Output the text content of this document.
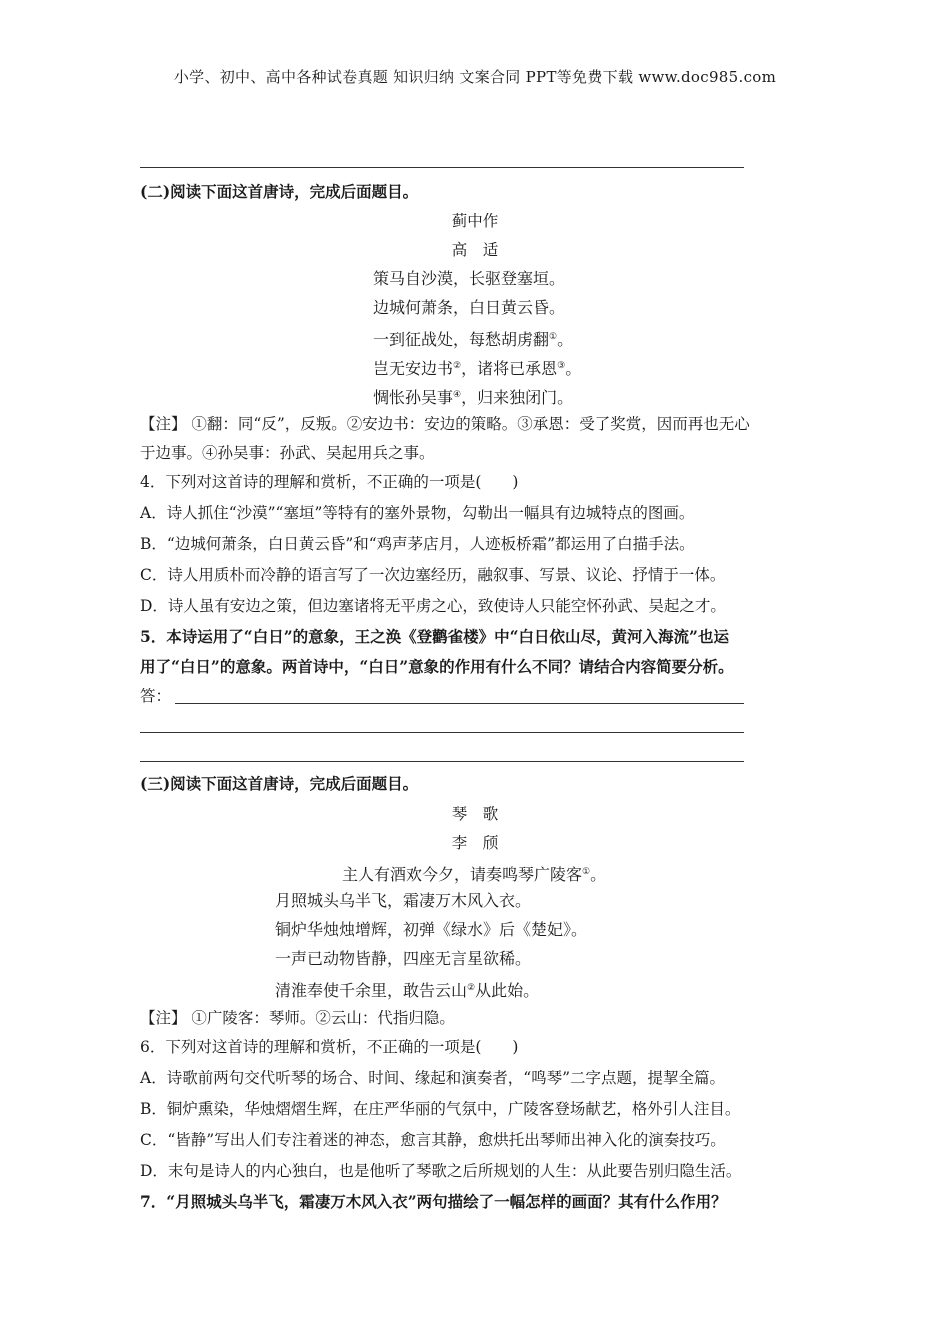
小学、初中、高中各种试卷真题 知识归纳 文案合同 PPT等免费下载 www.doc985.com
(二)阅读下面这首唐诗，完成后面题目。
蓟中作
高　适
策马自沙漠，长驱登塞垣。
边城何萧条，白日黄云昏。
一到征战处，每愁胡虏翻①。
岂无安边书②，诸将已承恩③。
惆怅孙吴事④，归来独闭门。
【注】 ①翻：同“反”，反叛。②安边书：安边的策略。③承恩：受了奖赏，因而再也无心
于边事。④孙吴事：孙武、吴起用兵之事。
4．下列对这首诗的理解和赏析，不正确的一项是(　　)
A．诗人抓住“沙漠”“塞垣”等特有的塞外景物，勾勒出一幅具有边城特点的图画。
B．“边城何萧条，白日黄云昏”和“鸡声茅店月，人迹板桥霜”都运用了白描手法。
C．诗人用质朴而冷静的语言写了一次边塞经历，融叙事、写景、议论、抒情于一体。
D．诗人虽有安边之策，但边塞诸将无平虏之心，致使诗人只能空怀孙武、吴起之才。
5．本诗运用了“白日”的意象，王之涣《登鹳雀楼》中“白日依山尽，黄河入海流”也运
用了“白日”的意象。两首诗中，“白日”意象的作用有什么不同？请结合内容简要分析。
答：
(三)阅读下面这首唐诗，完成后面题目。
琴　歌
李　颀
主人有酒欢今夕，请奏鸣琴广陵客①。
月照城头乌半飞，霜凄万木风入衣。
铜炉华烛烛增辉，初弹《绿水》后《楚妃》。
一声已动物皆静，四座无言星欲稀。
清淮奉使千余里，敢告云山②从此始。
【注】 ①广陵客：琴师。②云山：代指归隐。
6．下列对这首诗的理解和赏析，不正确的一项是(　　)
A．诗歌前两句交代听琴的场合、时间、缘起和演奏者，“鸣琴”二字点题，提挈全篇。
B．铜炉熏染，华烛熠熠生辉，在庄严华丽的气氛中，广陵客登场献艺，格外引人注目。
C．“皆静”写出人们专注着迷的神态，愈言其静，愈烘托出琴师出神入化的演奏技巧。
D．末句是诗人的内心独白，也是他听了琴歌之后所规划的人生：从此要告别归隐生活。
7．“月照城头乌半飞，霜凄万木风入衣”两句描绘了一幅怎样的画面？其有什么作用？
